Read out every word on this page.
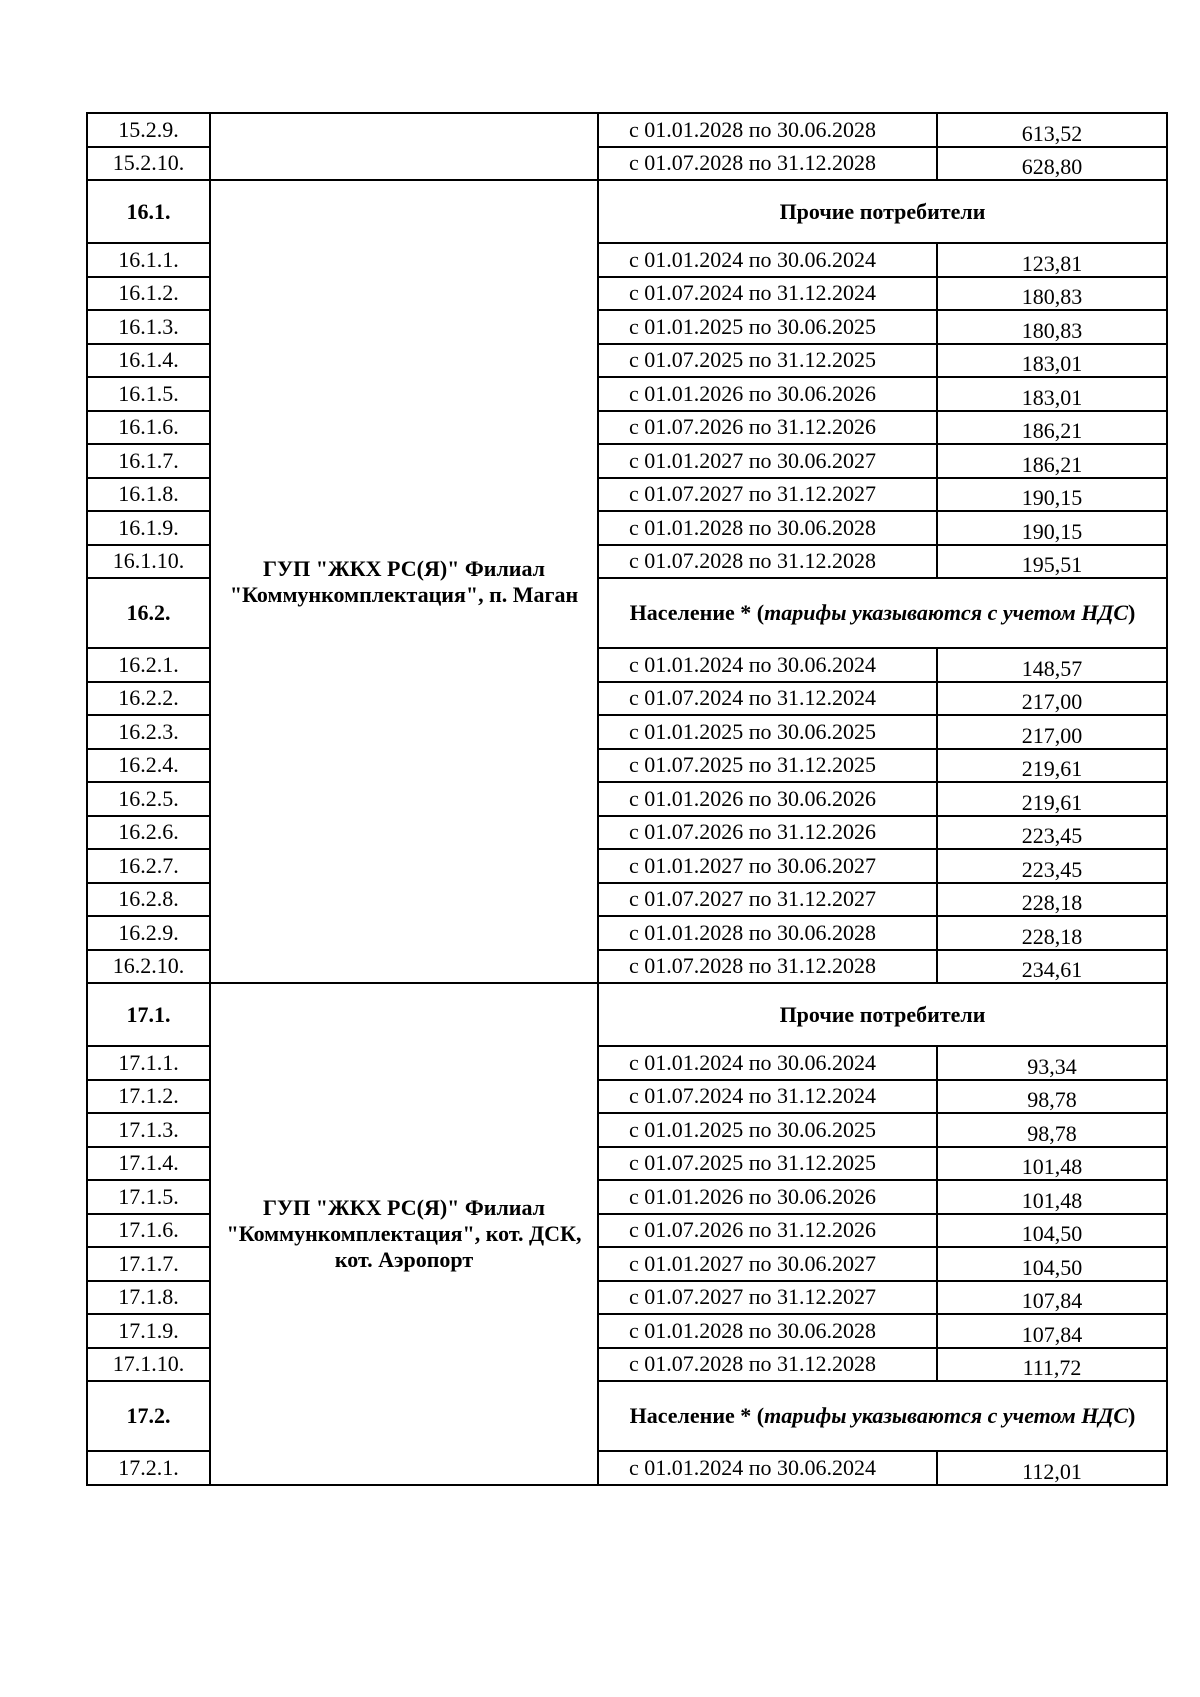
15.2.9.		с 01.01.2028 по 30.06.2028	613,52
15.2.10.		с 01.07.2028 по 31.12.2028	628,80
16.1.	ГУП "ЖКХ РС(Я)" Филиал "Коммункомплектация", п. Маган	Прочие потребители	
16.1.1.		с 01.01.2024 по 30.06.2024	123,81
16.1.2.		с 01.07.2024 по 31.12.2024	180,83
16.1.3.		с 01.01.2025 по 30.06.2025	180,83
16.1.4.		с 01.07.2025 по 31.12.2025	183,01
16.1.5.		с 01.01.2026 по 30.06.2026	183,01
16.1.6.		с 01.07.2026 по 31.12.2026	186,21
16.1.7.		с 01.01.2027 по 30.06.2027	186,21
16.1.8.		с 01.07.2027 по 31.12.2027	190,15
16.1.9.		с 01.01.2028 по 30.06.2028	190,15
16.1.10.		с 01.07.2028 по 31.12.2028	195,51
16.2.		Население * (тарифы указываются с учетом НДС)	
16.2.1.		с 01.01.2024 по 30.06.2024	148,57
16.2.2.		с 01.07.2024 по 31.12.2024	217,00
16.2.3.		с 01.01.2025 по 30.06.2025	217,00
16.2.4.		с 01.07.2025 по 31.12.2025	219,61
16.2.5.		с 01.01.2026 по 30.06.2026	219,61
16.2.6.		с 01.07.2026 по 31.12.2026	223,45
16.2.7.		с 01.01.2027 по 30.06.2027	223,45
16.2.8.		с 01.07.2027 по 31.12.2027	228,18
16.2.9.		с 01.01.2028 по 30.06.2028	228,18
16.2.10.		с 01.07.2028 по 31.12.2028	234,61
17.1.	ГУП "ЖКХ РС(Я)" Филиал "Коммункомплектация", кот. ДСК, кот. Аэропорт	Прочие потребители	
17.1.1.		с 01.01.2024 по 30.06.2024	93,34
17.1.2.		с 01.07.2024 по 31.12.2024	98,78
17.1.3.		с 01.01.2025 по 30.06.2025	98,78
17.1.4.		с 01.07.2025 по 31.12.2025	101,48
17.1.5.		с 01.01.2026 по 30.06.2026	101,48
17.1.6.		с 01.07.2026 по 31.12.2026	104,50
17.1.7.		с 01.01.2027 по 30.06.2027	104,50
17.1.8.		с 01.07.2027 по 31.12.2027	107,84
17.1.9.		с 01.01.2028 по 30.06.2028	107,84
17.1.10.		с 01.07.2028 по 31.12.2028	111,72
17.2.		Население * (тарифы указываются с учетом НДС)	
17.2.1.		с 01.01.2024 по 30.06.2024	112,01
